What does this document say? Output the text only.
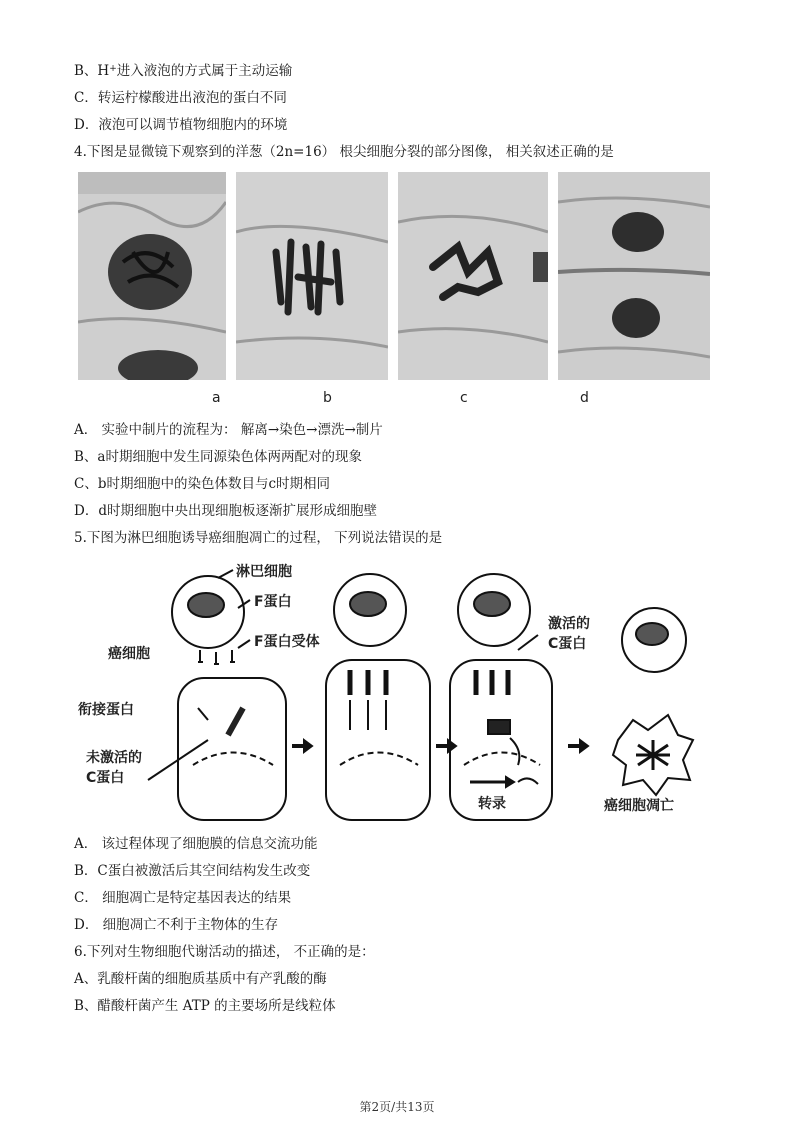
B、H+进入液泡的方式属于主动运输
C．转运柠檬酸进出液泡的蛋白不同
D．液泡可以调节植物细胞内的环境
4.下图是显微镜下观察到的洋葱（2n=16） 根尖细胞分裂的部分图像， 相关叙述正确的是
a	b	c	d
A． 实验中制片的流程为： 解离→染色→漂洗→制片
B、a时期细胞中发生同源染色体两两配对的现象
C、b时期细胞中的染色体数目与c时期相同
D．d时期细胞中央出现细胞板逐渐扩展形成细胞壁
5.下图为淋巴细胞诱导癌细胞凋亡的过程， 下列说法错误的是
淋巴细胞
F蛋白
F蛋白受体
癌细胞
衔接蛋白
未激活的
C蛋白
激活的
C蛋白
转录	癌细胞凋亡
A． 该过程体现了细胞膜的信息交流功能
B．C蛋白被激活后其空间结构发生改变
C． 细胞凋亡是特定基因表达的结果
D． 细胞凋亡不利于主物体的生存
6.下列对生物细胞代谢活动的描述， 不正确的是：
A、乳酸杆菌的细胞质基质中有产乳酸的酶
B、醋酸杆菌产生 ATP 的主要场所是线粒体
第2页/共13页
